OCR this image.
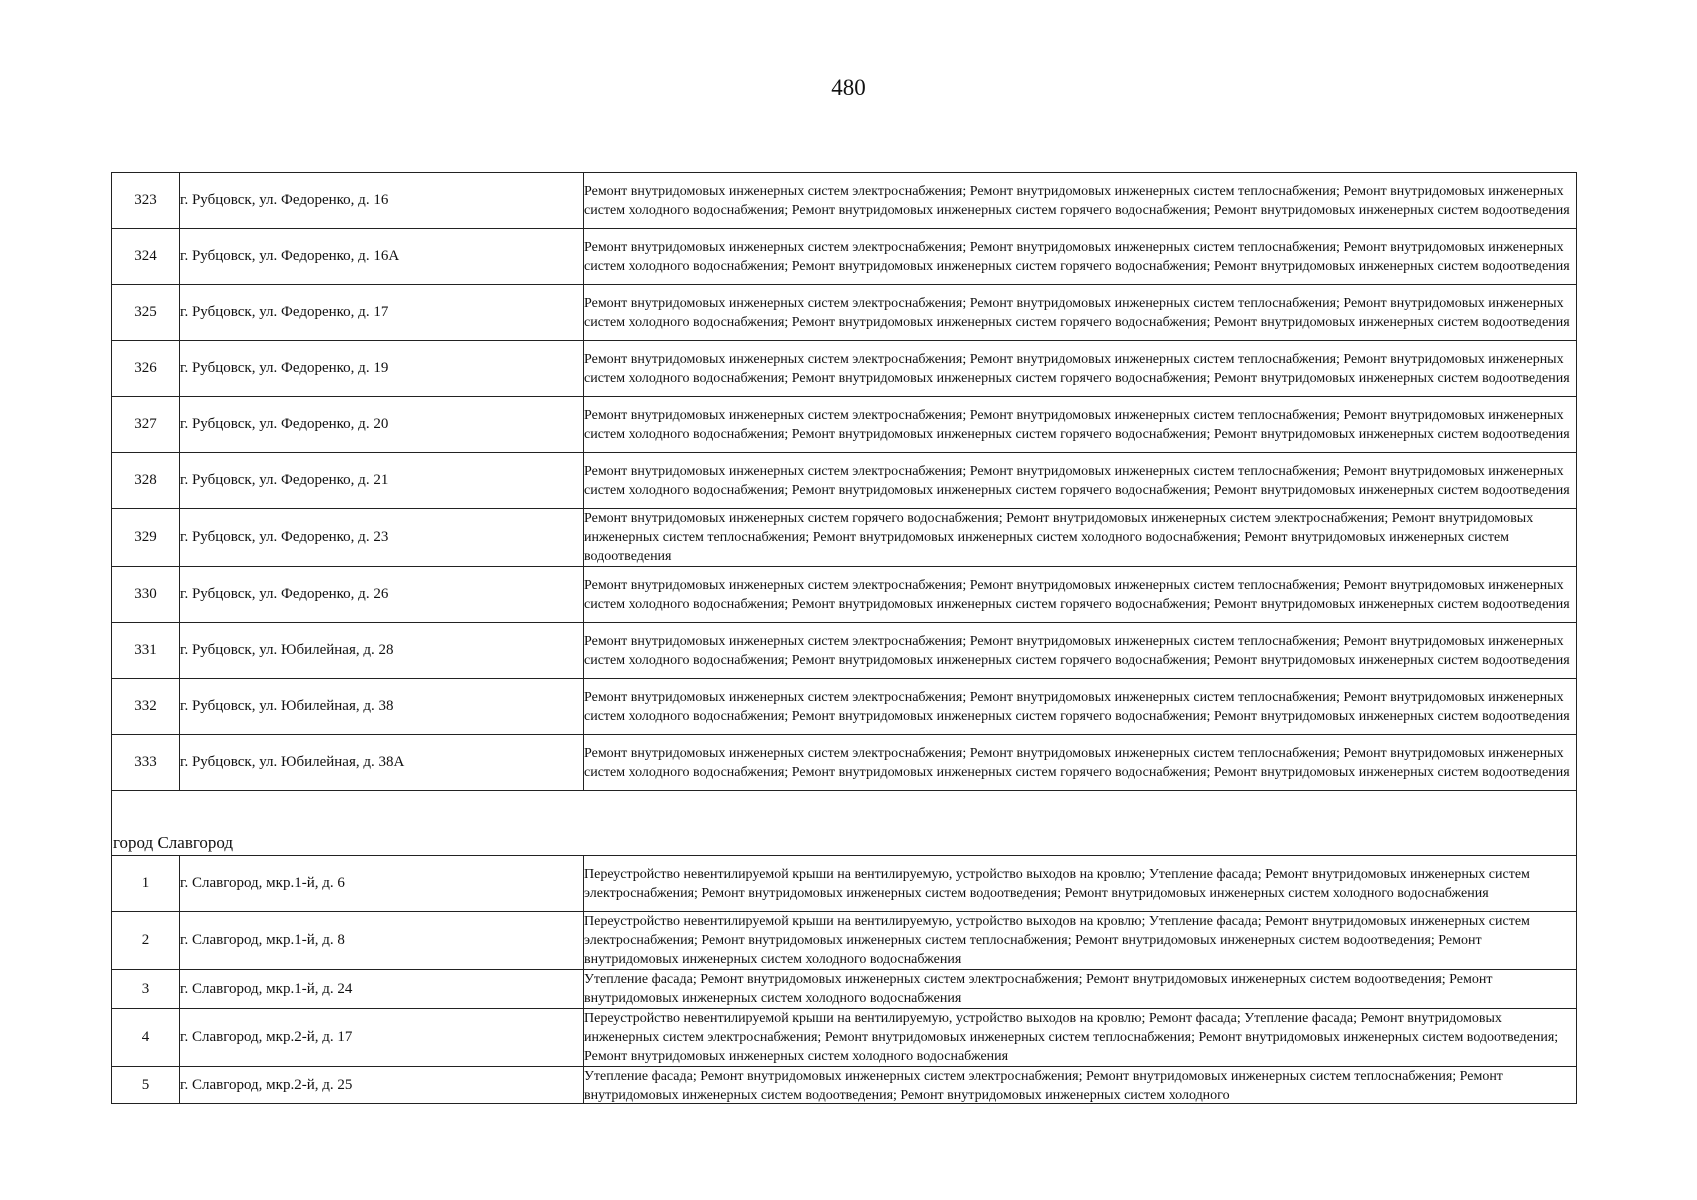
480
323	г. Рубцовск, ул. Федоренко, д. 16	Ремонт внутридомовых инженерных систем электроснабжения; Ремонт внутридомовых инженерных систем теплоснабжения; Ремонт внутридомовых инженерных систем холодного водоснабжения; Ремонт внутридомовых инженерных систем горячего водоснабжения; Ремонт внутридомовых инженерных систем водоотведения
324	г. Рубцовск, ул. Федоренко, д. 16А	Ремонт внутридомовых инженерных систем электроснабжения; Ремонт внутридомовых инженерных систем теплоснабжения; Ремонт внутридомовых инженерных систем холодного водоснабжения; Ремонт внутридомовых инженерных систем горячего водоснабжения; Ремонт внутридомовых инженерных систем водоотведения
325	г. Рубцовск, ул. Федоренко, д. 17	Ремонт внутридомовых инженерных систем электроснабжения; Ремонт внутридомовых инженерных систем теплоснабжения; Ремонт внутридомовых инженерных систем холодного водоснабжения; Ремонт внутридомовых инженерных систем горячего водоснабжения; Ремонт внутридомовых инженерных систем водоотведения
326	г. Рубцовск, ул. Федоренко, д. 19	Ремонт внутридомовых инженерных систем электроснабжения; Ремонт внутридомовых инженерных систем теплоснабжения; Ремонт внутридомовых инженерных систем холодного водоснабжения; Ремонт внутридомовых инженерных систем горячего водоснабжения; Ремонт внутридомовых инженерных систем водоотведения
327	г. Рубцовск, ул. Федоренко, д. 20	Ремонт внутридомовых инженерных систем электроснабжения; Ремонт внутридомовых инженерных систем теплоснабжения; Ремонт внутридомовых инженерных систем холодного водоснабжения; Ремонт внутридомовых инженерных систем горячего водоснабжения; Ремонт внутридомовых инженерных систем водоотведения
328	г. Рубцовск, ул. Федоренко, д. 21	Ремонт внутридомовых инженерных систем электроснабжения; Ремонт внутридомовых инженерных систем теплоснабжения; Ремонт внутридомовых инженерных систем холодного водоснабжения; Ремонт внутридомовых инженерных систем горячего водоснабжения; Ремонт внутридомовых инженерных систем водоотведения
329	г. Рубцовск, ул. Федоренко, д. 23	Ремонт внутридомовых инженерных систем горячего водоснабжения; Ремонт внутридомовых инженерных систем электроснабжения; Ремонт внутридомовых инженерных систем теплоснабжения; Ремонт внутридомовых инженерных систем холодного водоснабжения; Ремонт внутридомовых инженерных систем водоотведения
330	г. Рубцовск, ул. Федоренко, д. 26	Ремонт внутридомовых инженерных систем электроснабжения; Ремонт внутридомовых инженерных систем теплоснабжения; Ремонт внутридомовых инженерных систем холодного водоснабжения; Ремонт внутридомовых инженерных систем горячего водоснабжения; Ремонт внутридомовых инженерных систем водоотведения
331	г. Рубцовск, ул. Юбилейная, д. 28	Ремонт внутридомовых инженерных систем электроснабжения; Ремонт внутридомовых инженерных систем теплоснабжения; Ремонт внутридомовых инженерных систем холодного водоснабжения; Ремонт внутридомовых инженерных систем горячего водоснабжения; Ремонт внутридомовых инженерных систем водоотведения
332	г. Рубцовск, ул. Юбилейная, д. 38	Ремонт внутридомовых инженерных систем электроснабжения; Ремонт внутридомовых инженерных систем теплоснабжения; Ремонт внутридомовых инженерных систем холодного водоснабжения; Ремонт внутридомовых инженерных систем горячего водоснабжения; Ремонт внутридомовых инженерных систем водоотведения
333	г. Рубцовск, ул. Юбилейная, д. 38А	Ремонт внутридомовых инженерных систем электроснабжения; Ремонт внутридомовых инженерных систем теплоснабжения; Ремонт внутридомовых инженерных систем холодного водоснабжения; Ремонт внутридомовых инженерных систем горячего водоснабжения; Ремонт внутридомовых инженерных систем водоотведения

город Славгород		
1	г. Славгород, мкр.1-й, д. 6	Переустройство невентилируемой крыши на вентилируемую, устройство выходов на кровлю; Утепление фасада; Ремонт внутридомовых инженерных систем электроснабжения; Ремонт внутридомовых инженерных систем водоотведения; Ремонт внутридомовых инженерных систем холодного водоснабжения
2	г. Славгород, мкр.1-й, д. 8	Переустройство невентилируемой крыши на вентилируемую, устройство выходов на кровлю; Утепление фасада; Ремонт внутридомовых инженерных систем электроснабжения; Ремонт внутридомовых инженерных систем теплоснабжения; Ремонт внутридомовых инженерных систем водоотведения; Ремонт внутридомовых инженерных систем холодного водоснабжения
3	г. Славгород, мкр.1-й, д. 24	Утепление фасада; Ремонт внутридомовых инженерных систем электроснабжения; Ремонт внутридомовых инженерных систем водоотведения; Ремонт внутридомовых инженерных систем холодного водоснабжения
4	г. Славгород, мкр.2-й, д. 17	Переустройство невентилируемой крыши на вентилируемую, устройство выходов на кровлю; Ремонт фасада; Утепление фасада; Ремонт внутридомовых инженерных систем электроснабжения; Ремонт внутридомовых инженерных систем теплоснабжения; Ремонт внутридомовых инженерных систем водоотведения; Ремонт внутридомовых инженерных систем холодного водоснабжения
5	г. Славгород, мкр.2-й, д. 25	Утепление фасада; Ремонт внутридомовых инженерных систем электроснабжения; Ремонт внутридомовых инженерных систем теплоснабжения; Ремонт внутридомовых инженерных систем водоотведения; Ремонт внутридомовых инженерных систем холодного
